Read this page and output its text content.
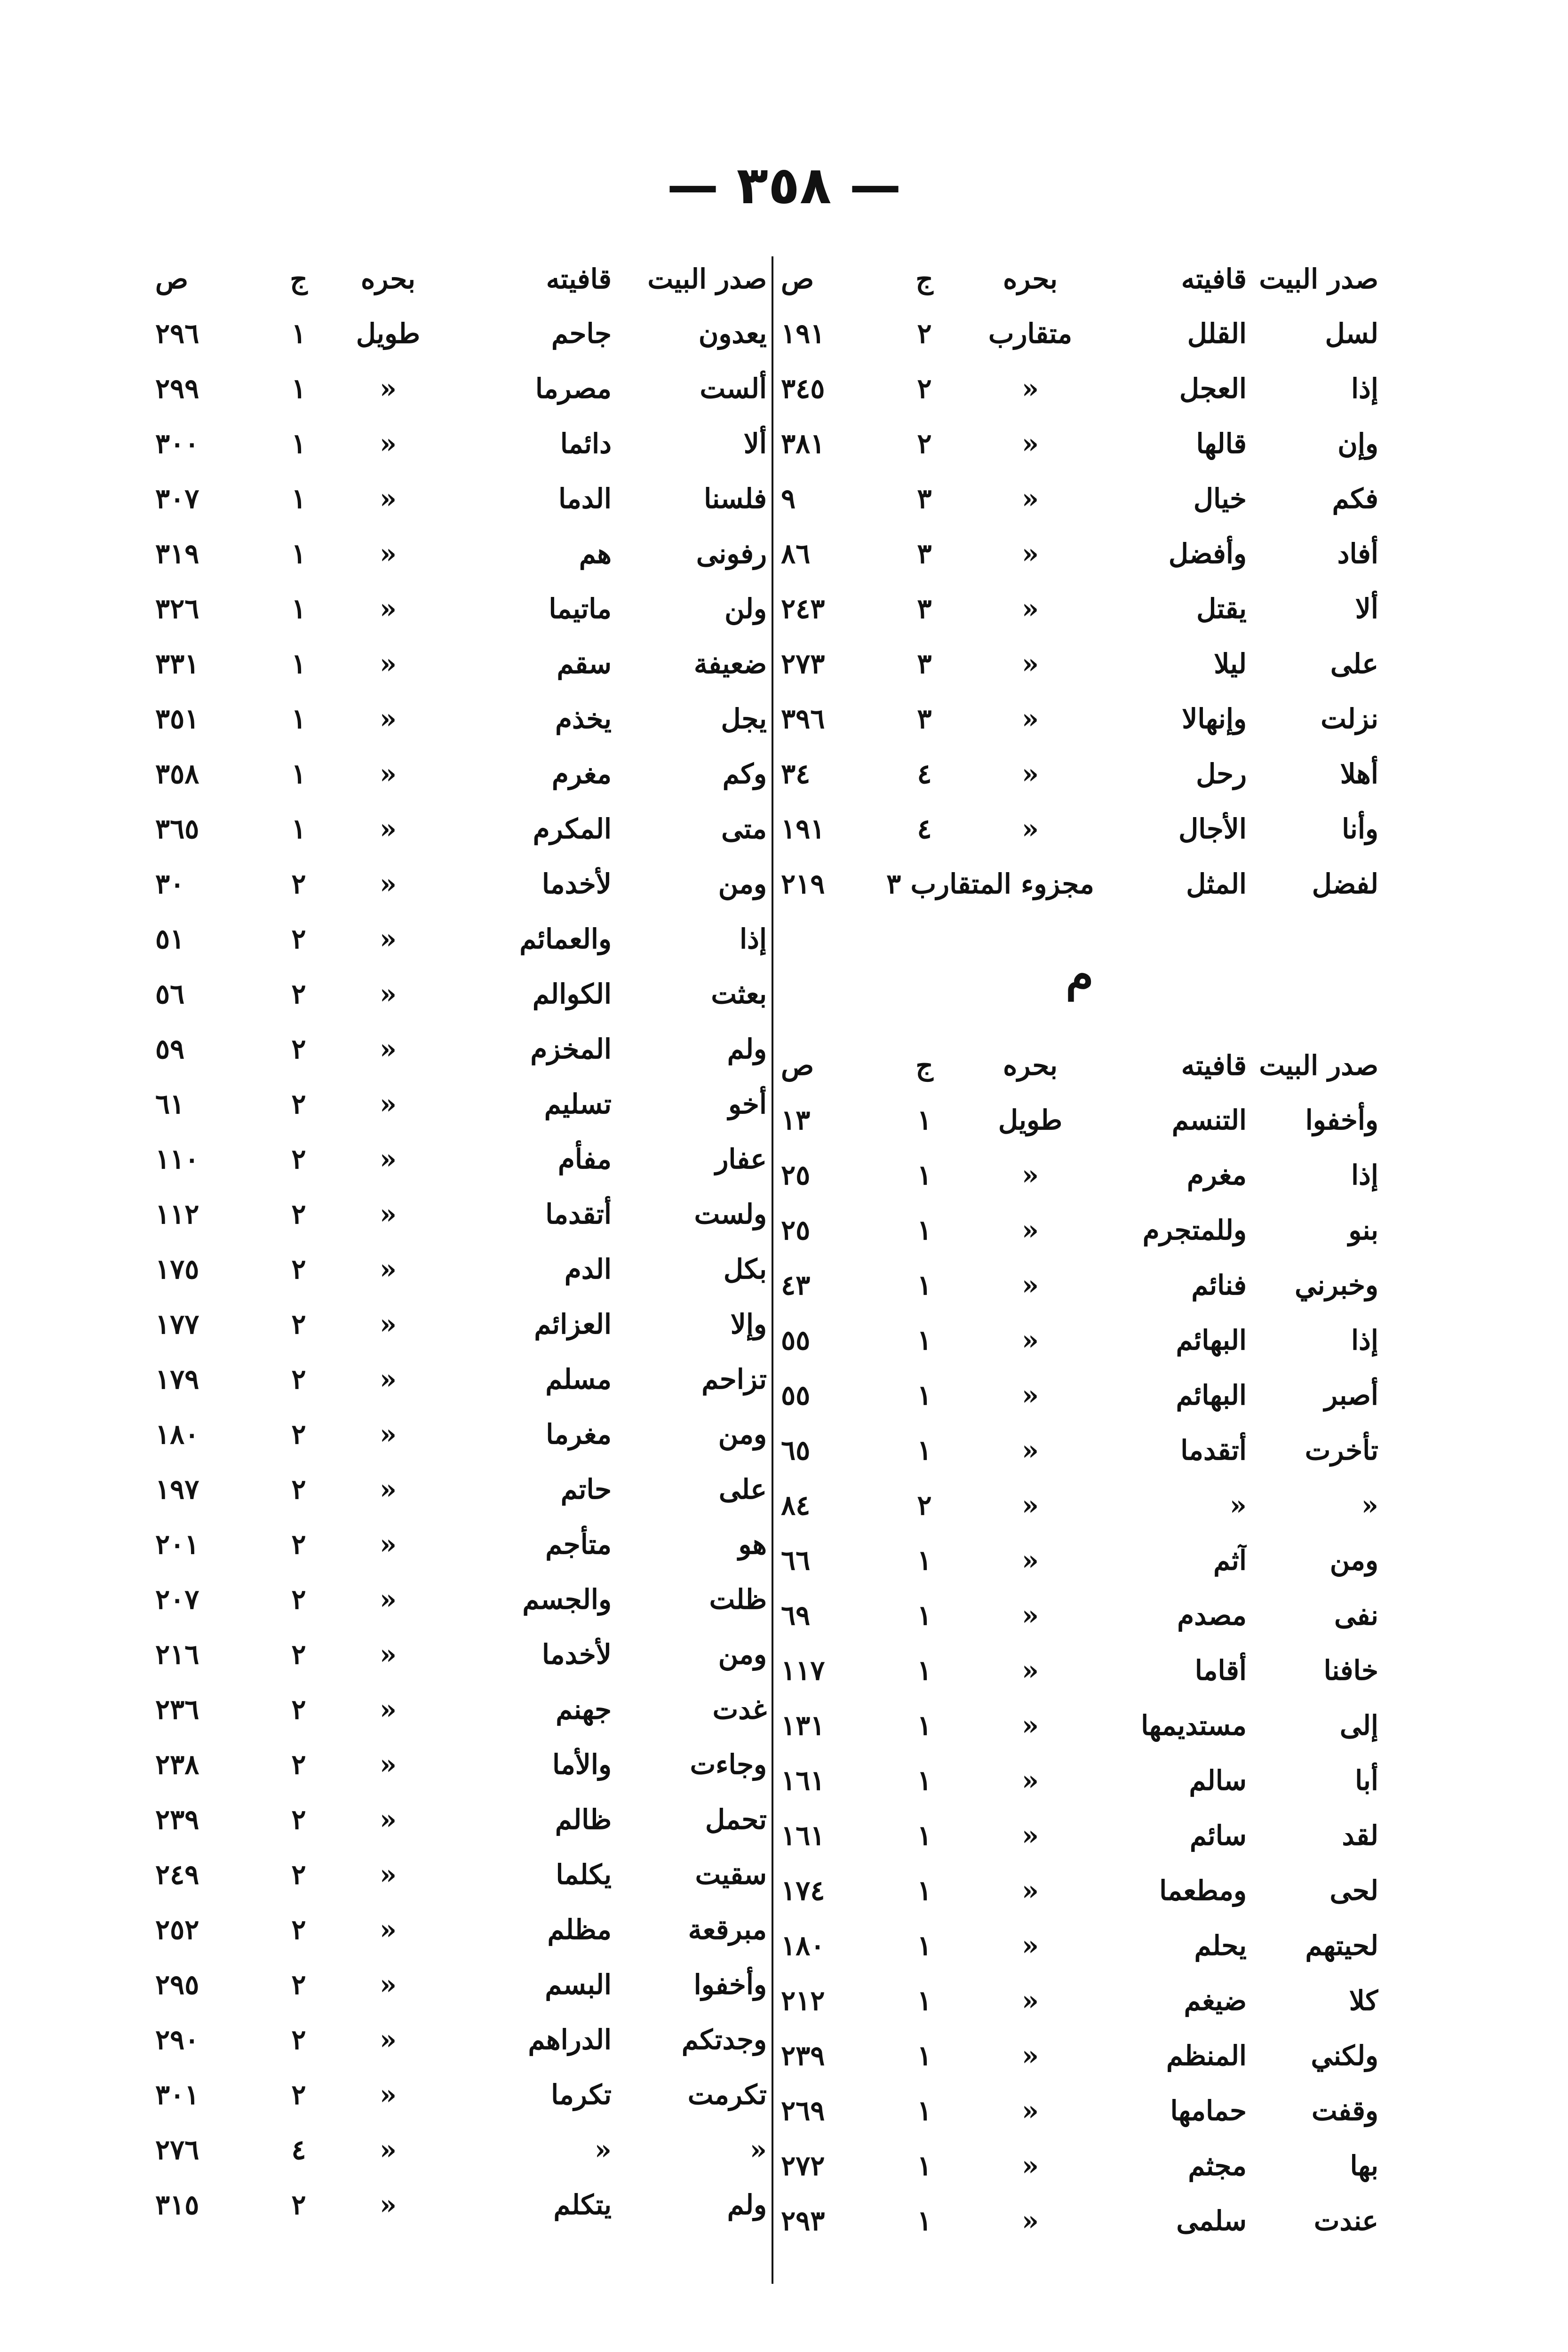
— ٣٥٨ —
صدر البيت	قافيته	بحره	ج	ص
لسل	القلل	متقارب	٢	١٩١
إذا	العجل	«	٢	٣٤٥
وإن	قالها	«	٢	٣٨١
فكم	خيال	«	٣	٩
أفاد	وأفضل	«	٣	٨٦
ألا	يقتل	«	٣	٢٤٣
على	ليلا	«	٣	٢٧٣
نزلت	وإنهالا	«	٣	٣٩٦
أهلا	رحل	«	٤	٣٤
وأنا	الأجال	«	٤	١٩١
لفضل	المثل	مجزوء المتقارب ٣	٢١٩
م
صدر البيت	قافيته	بحره	ج	ص
وأخفوا	التنسم	طويل	١	١٣
إذا	مغرم	«	١	٢٥
بنو	وللمتجرم	«	١	٢٥
وخبرني	فنائم	«	١	٤٣
إذا	البهائم	«	١	٥٥
أصبر	البهائم	«	١	٥٥
تأخرت	أتقدما	«	١	٦٥
«	«	«	٢	٨٤
ومن	آثم	«	١	٦٦
نفى	مصدم	«	١	٦٩
خافنا	أقاما	«	١	١١٧
إلى	مستديمها	«	١	١٣١
أبا	سالم	«	١	١٦١
لقد	سائم	«	١	١٦١
لحى	ومطعما	«	١	١٧٤
لحيتهم	يحلم	«	١	١٨٠
كلا	ضيغم	«	١	٢١٢
ولكني	المنظم	«	١	٢٣٩
وقفت	حمامها	«	١	٢٦٩
بها	مجثم	«	١	٢٧٢
عندت	سلمى	«	١	٢٩٣
صدر البيت	قافيته	بحره	ج	ص
يعدون	جاحم	طويل	١	٢٩٦
ألست	مصرما	«	١	٢٩٩
ألا	دائما	«	١	٣٠٠
فلسنا	الدما	«	١	٣٠٧
رفونى	هم	«	١	٣١٩
ولن	ماتيما	«	١	٣٢٦
ضعيفة	سقم	«	١	٣٣١
يجل	يخذم	«	١	٣٥١
وكم	مغرم	«	١	٣٥٨
متى	المكرم	«	١	٣٦٥
ومن	لأخدما	«	٢	٣٠
إذا	والعمائم	«	٢	٥١
بعثت	الكوالم	«	٢	٥٦
ولم	المخزم	«	٢	٥٩
أخو	تسليم	«	٢	٦١
عفار	مفأم	«	٢	١١٠
ولست	أتقدما	«	٢	١١٢
بكل	الدم	«	٢	١٧٥
وإلا	العزائم	«	٢	١٧٧
تزاحم	مسلم	«	٢	١٧٩
ومن	مغرما	«	٢	١٨٠
على	حاتم	«	٢	١٩٧
هو	متأجم	«	٢	٢٠١
ظلت	والجسم	«	٢	٢٠٧
ومن	لأخدما	«	٢	٢١٦
غدت	جهنم	«	٢	٢٣٦
وجاءت	والأما	«	٢	٢٣٨
تحمل	ظالم	«	٢	٢٣٩
سقيت	يكلما	«	٢	٢٤٩
مبرقعة	مظلم	«	٢	٢٥٢
وأخفوا	البسم	«	٢	٢٩٥
وجدتكم	الدراهم	«	٢	٢٩٠
تكرمت	تكرما	«	٢	٣٠١
«	«	«	٤	٢٧٦
ولم	يتكلم	«	٢	٣١٥
